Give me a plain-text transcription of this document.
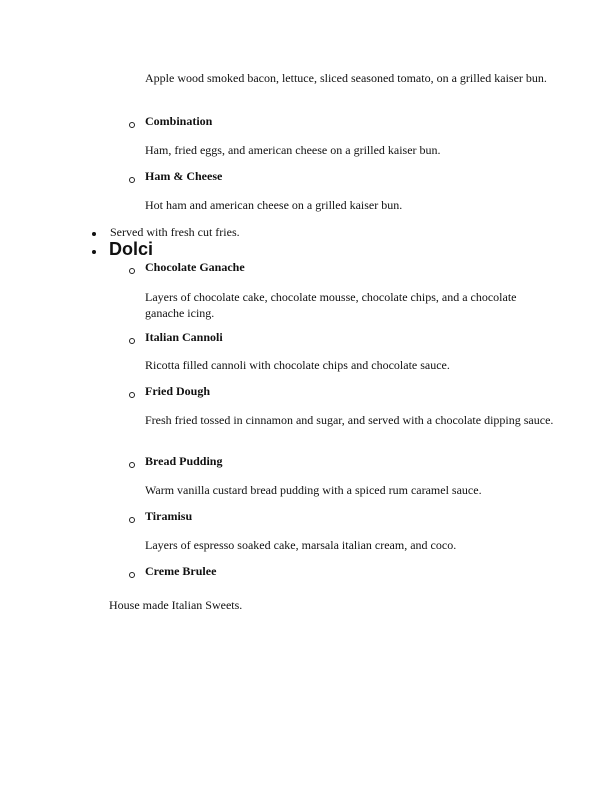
Apple wood smoked bacon, lettuce, sliced seasoned tomato, on a grilled kaiser bun.
Combination
Ham, fried eggs, and american cheese on a grilled kaiser bun.
Ham & Cheese
Hot ham and american cheese on a grilled kaiser bun.
Served with fresh cut fries.
Dolci
Chocolate Ganache
Layers of chocolate cake, chocolate mousse, chocolate chips, and a chocolate ganache icing.
Italian Cannoli
Ricotta filled cannoli with chocolate chips and chocolate sauce.
Fried Dough
Fresh fried tossed in cinnamon and sugar, and served with a chocolate dipping sauce.
Bread Pudding
Warm vanilla custard bread pudding with a spiced rum caramel sauce.
Tiramisu
Layers of espresso soaked cake, marsala italian cream, and coco.
Creme Brulee
House made Italian Sweets.
